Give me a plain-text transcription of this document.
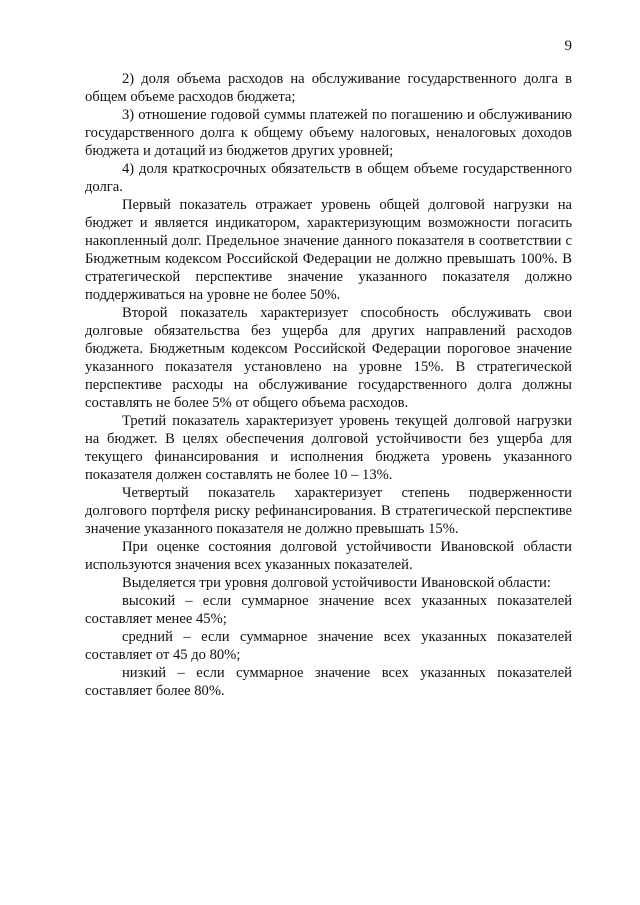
9

2) доля объема расходов на обслуживание государственного долга в общем объеме расходов бюджета;

3) отношение годовой суммы платежей по погашению и обслуживанию государственного долга к общему объему налоговых, неналоговых доходов бюджета и дотаций из бюджетов других уровней;

4) доля краткосрочных обязательств в общем объеме государственного долга.

Первый показатель отражает уровень общей долговой нагрузки на бюджет и является индикатором, характеризующим возможности погасить накопленный долг. Предельное значение данного показателя в соответствии с Бюджетным кодексом Российской Федерации не должно превышать 100%. В стратегической перспективе значение указанного показателя должно поддерживаться на уровне не более 50%.

Второй показатель характеризует способность обслуживать свои долговые обязательства без ущерба для других направлений расходов бюджета. Бюджетным кодексом Российской Федерации пороговое значение указанного показателя установлено на уровне 15%. В стратегической перспективе расходы на обслуживание государственного долга должны составлять не более 5% от общего объема расходов.

Третий показатель характеризует уровень текущей долговой нагрузки на бюджет. В целях обеспечения долговой устойчивости без ущерба для текущего финансирования и исполнения бюджета уровень указанного показателя должен составлять не более 10 – 13%.

Четвертый показатель характеризует степень подверженности долгового портфеля риску рефинансирования. В стратегической перспективе значение указанного показателя не должно превышать 15%.

При оценке состояния долговой устойчивости Ивановской области используются значения всех указанных показателей.

Выделяется три уровня долговой устойчивости Ивановской области:

высокий – если суммарное значение всех указанных показателей составляет менее 45%;

средний – если суммарное значение всех указанных показателей составляет от 45 до 80%;

низкий – если суммарное значение всех указанных показателей составляет более 80%.
